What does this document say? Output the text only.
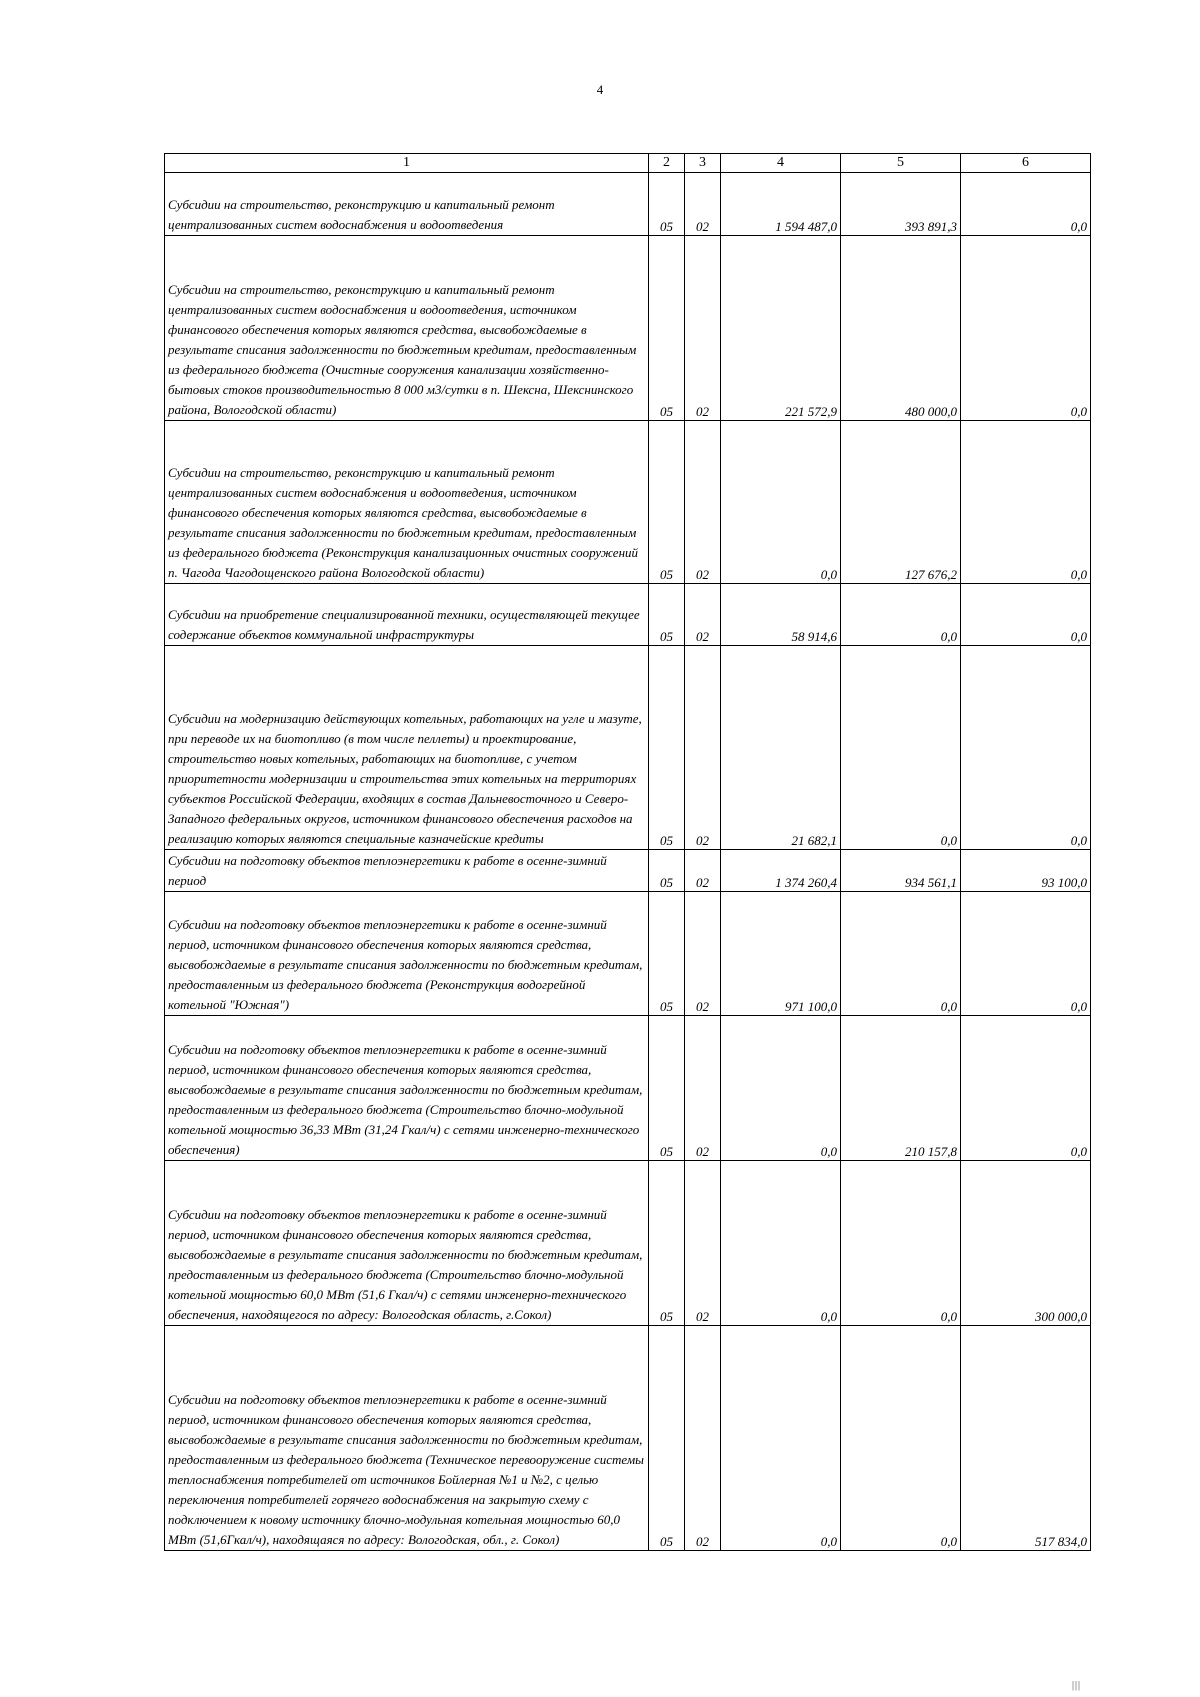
4
1	2	3	4	5	6
Субсидии на строительство, реконструкцию и капитальный ремонт централизованных систем водоснабжения и водоотведения	05	02	1 594 487,0	393 891,3	0,0
Субсидии на строительство, реконструкцию и капитальный ремонт централизованных систем водоснабжения и водоотведения, источником финансового обеспечения которых являются средства, высвобождаемые в результате списания задолженности по бюджетным кредитам, предоставленным из федерального бюджета (Очистные сооружения канализации хозяйственно-бытовых стоков производительностью 8 000 м3/сутки в п. Шексна, Шекснинского района, Вологодской области)	05	02	221 572,9	480 000,0	0,0
Субсидии на строительство, реконструкцию и капитальный ремонт централизованных систем водоснабжения и водоотведения, источником финансового обеспечения которых являются средства, высвобождаемые в результате списания задолженности по бюджетным кредитам, предоставленным из федерального бюджета (Реконструкция канализационных очистных сооружений п. Чагода Чагодощенского района Вологодской области)	05	02	0,0	127 676,2	0,0
Субсидии на приобретение специализированной техники, осуществляющей текущее содержание объектов коммунальной инфраструктуры	05	02	58 914,6	0,0	0,0
Субсидии на модернизацию действующих котельных, работающих на угле и мазуте, при переводе их на биотопливо (в том числе пеллеты) и проектирование, строительство новых котельных, работающих на биотопливе, с учетом приоритетности модернизации и строительства этих котельных на территориях субъектов Российской Федерации, входящих в состав Дальневосточного и Северо-Западного федеральных округов, источником финансового обеспечения расходов на реализацию которых являются специальные казначейские кредиты	05	02	21 682,1	0,0	0,0
Субсидии на подготовку объектов теплоэнергетики к работе в осенне-зимний период	05	02	1 374 260,4	934 561,1	93 100,0
Субсидии на подготовку объектов теплоэнергетики к работе в осенне-зимний период, источником финансового обеспечения которых являются средства, высвобождаемые в результате списания задолженности по бюджетным кредитам, предоставленным из федерального бюджета (Реконструкция водогрейной котельной "Южная")	05	02	971 100,0	0,0	0,0
Субсидии на подготовку объектов теплоэнергетики к работе в осенне-зимний период, источником финансового обеспечения которых являются средства, высвобождаемые в результате списания задолженности по бюджетным кредитам, предоставленным из федерального бюджета (Строительство блочно-модульной котельной мощностью 36,33 МВт (31,24 Гкал/ч) с сетями инженерно-технического обеспечения)	05	02	0,0	210 157,8	0,0
Субсидии на подготовку объектов теплоэнергетики к работе в осенне-зимний период, источником финансового обеспечения которых являются средства, высвобождаемые в результате списания задолженности по бюджетным кредитам, предоставленным из федерального бюджета (Строительство блочно-модульной котельной мощностью 60,0 МВт (51,6 Гкал/ч) с сетями инженерно-технического обеспечения, находящегося по адресу: Вологодская область, г.Сокол)	05	02	0,0	0,0	300 000,0
Субсидии на подготовку объектов теплоэнергетики к работе в осенне-зимний период, источником финансового обеспечения которых являются средства, высвобождаемые в результате списания задолженности по бюджетным кредитам, предоставленным из федерального бюджета (Техническое перевооружение системы теплоснабжения потребителей от источников Бойлерная №1 и №2, с целью переключения потребителей горячего водоснабжения на закрытую схему с подключением к новому источнику блочно-модульная котельная мощностью 60,0 МВт (51,6Гкал/ч), находящаяся по адресу: Вологодская, обл., г. Сокол)	05	02	0,0	0,0	517 834,0
|||
